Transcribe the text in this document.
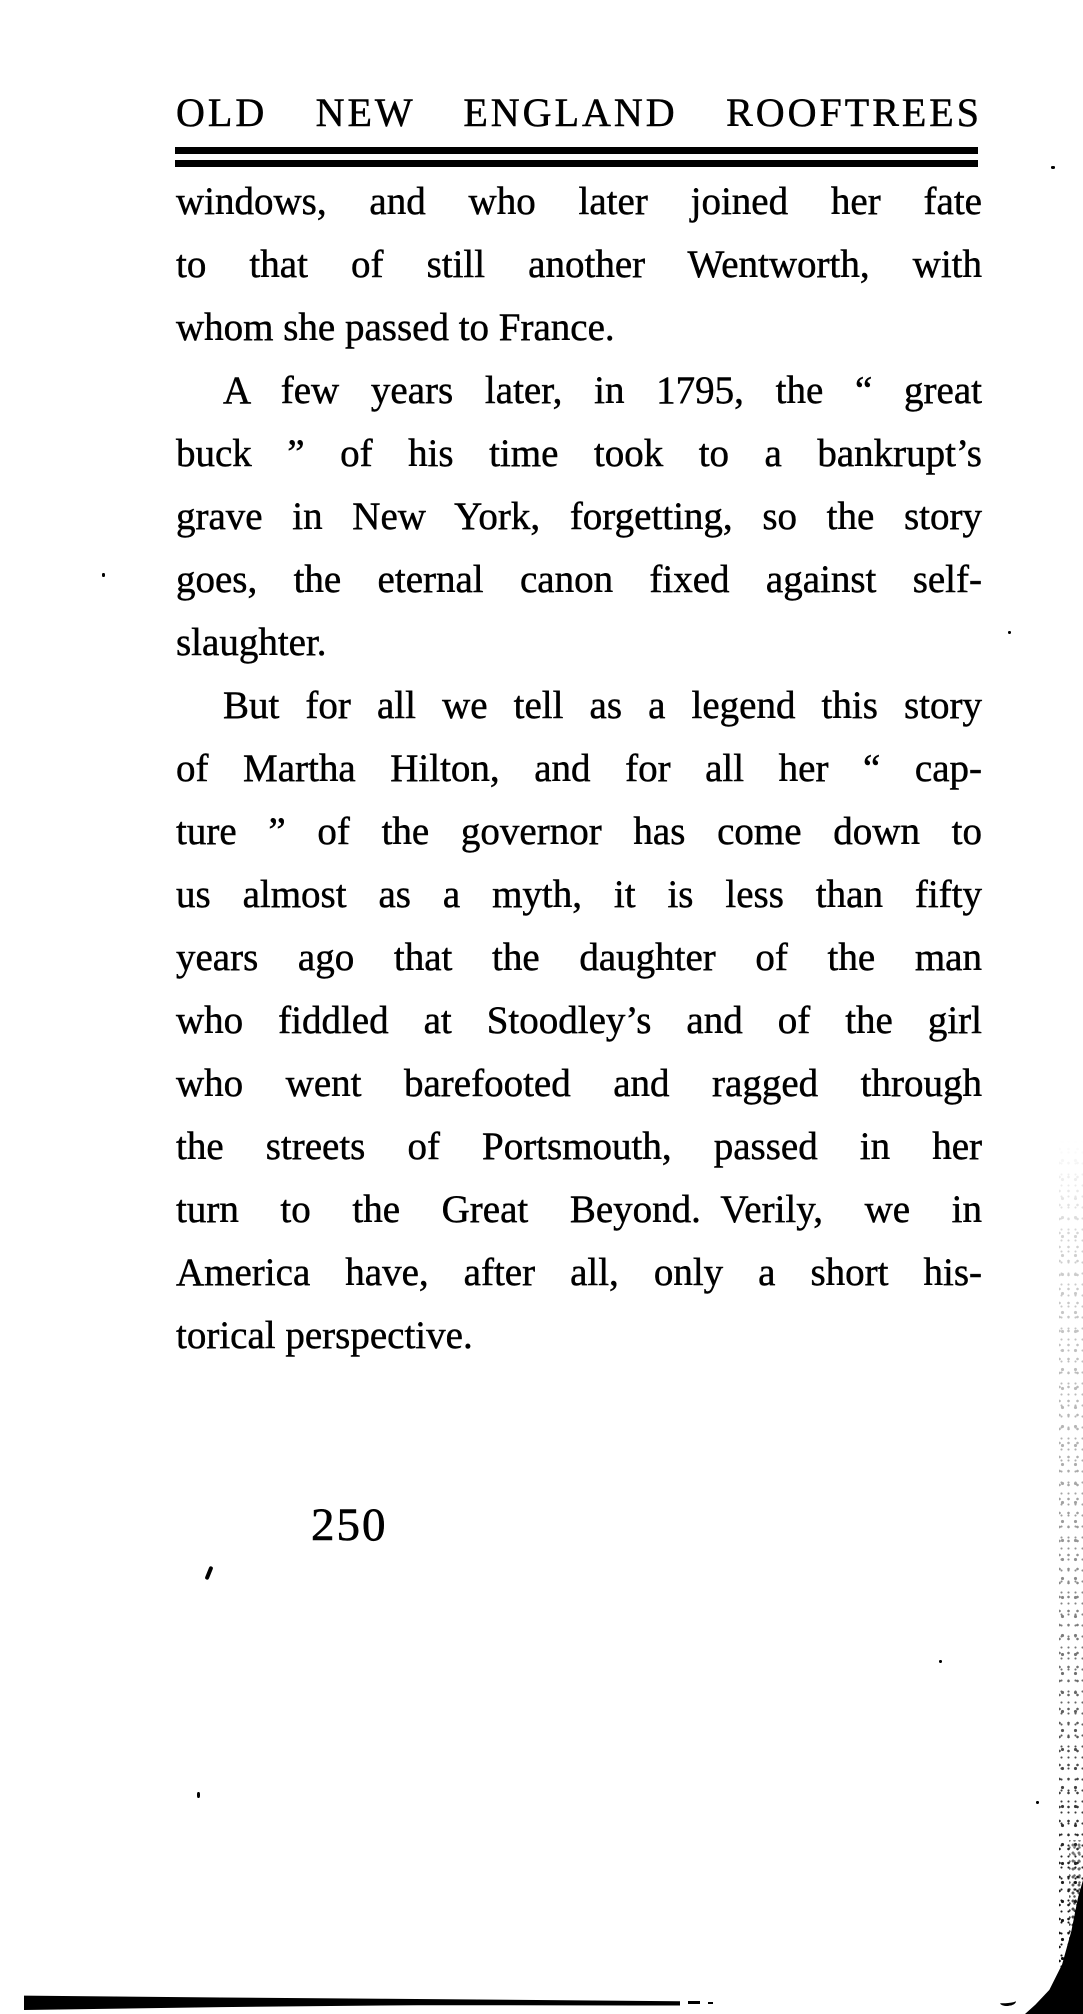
OLD NEW ENGLAND ROOFTREES
windows, and who later joined her fate
to that of still another Wentworth, with
whom she passed to France.
A few years later, in 1795, the “ great
buck ” of his time took to a bankrupt’s
grave in New York, forgetting, so the story
goes, the eternal canon fixed against self-
slaughter.
But for all we tell as a legend this story
of Martha Hilton, and for all her “ cap-
ture ” of the governor has come down to
us almost as a myth, it is less than fifty
years ago that the daughter of the man
who fiddled at Stoodley’s and of the girl
who went barefooted and ragged through
the streets of Portsmouth, passed in her
turn to the Great Beyond. Verily, we in
America have, after all, only a short his-
torical perspective.
250
